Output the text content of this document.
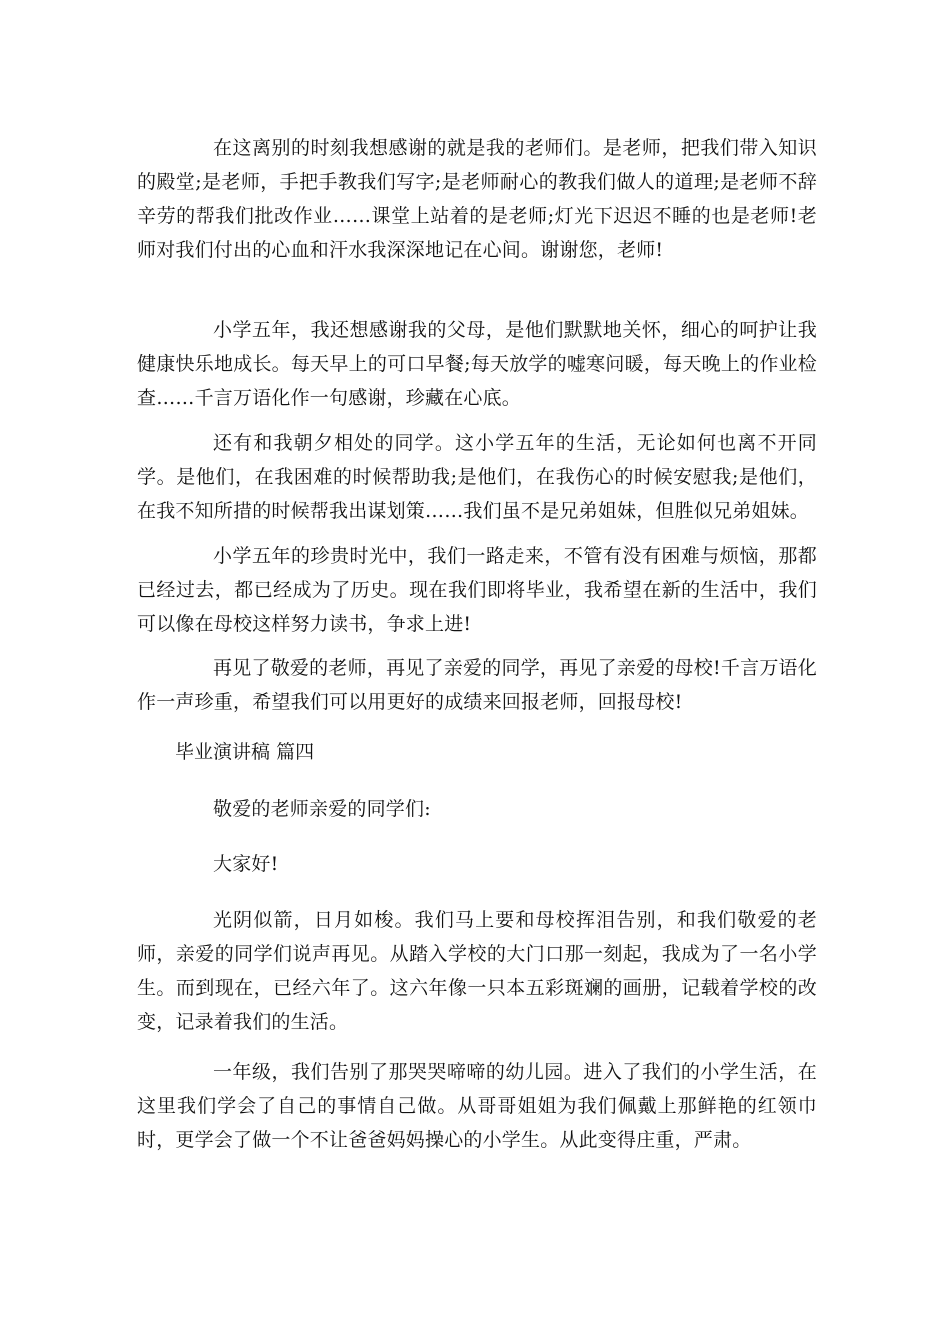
在这离别的时刻我想感谢的就是我的老师们。是老师，把我们带入知识的殿堂;是老师，手把手教我们写字;是老师耐心的教我们做人的道理;是老师不辞辛劳的帮我们批改作业……课堂上站着的是老师;灯光下迟迟不睡的也是老师!老师对我们付出的心血和汗水我深深地记在心间。谢谢您，老师!

小学五年，我还想感谢我的父母，是他们默默地关怀，细心的呵护让我健康快乐地成长。每天早上的可口早餐;每天放学的嘘寒问暖，每天晚上的作业检查……千言万语化作一句感谢，珍藏在心底。

还有和我朝夕相处的同学。这小学五年的生活，无论如何也离不开同学。是他们，在我困难的时候帮助我;是他们，在我伤心的时候安慰我;是他们，在我不知所措的时候帮我出谋划策……我们虽不是兄弟姐妹，但胜似兄弟姐妹。

小学五年的珍贵时光中，我们一路走来，不管有没有困难与烦恼，那都已经过去，都已经成为了历史。现在我们即将毕业，我希望在新的生活中，我们可以像在母校这样努力读书，争求上进!

再见了敬爱的老师，再见了亲爱的同学，再见了亲爱的母校!千言万语化作一声珍重，希望我们可以用更好的成绩来回报老师，回报母校!

毕业演讲稿 篇四

敬爱的老师亲爱的同学们:

大家好!

光阴似箭，日月如梭。我们马上要和母校挥泪告别，和我们敬爱的老师，亲爱的同学们说声再见。从踏入学校的大门口那一刻起，我成为了一名小学生。而到现在，已经六年了。这六年像一只本五彩斑斓的画册，记载着学校的改变，记录着我们的生活。

一年级，我们告别了那哭哭啼啼的幼儿园。进入了我们的小学生活，在这里我们学会了自己的事情自己做。从哥哥姐姐为我们佩戴上那鲜艳的红领巾时，更学会了做一个不让爸爸妈妈操心的小学生。从此变得庄重，严肃。
